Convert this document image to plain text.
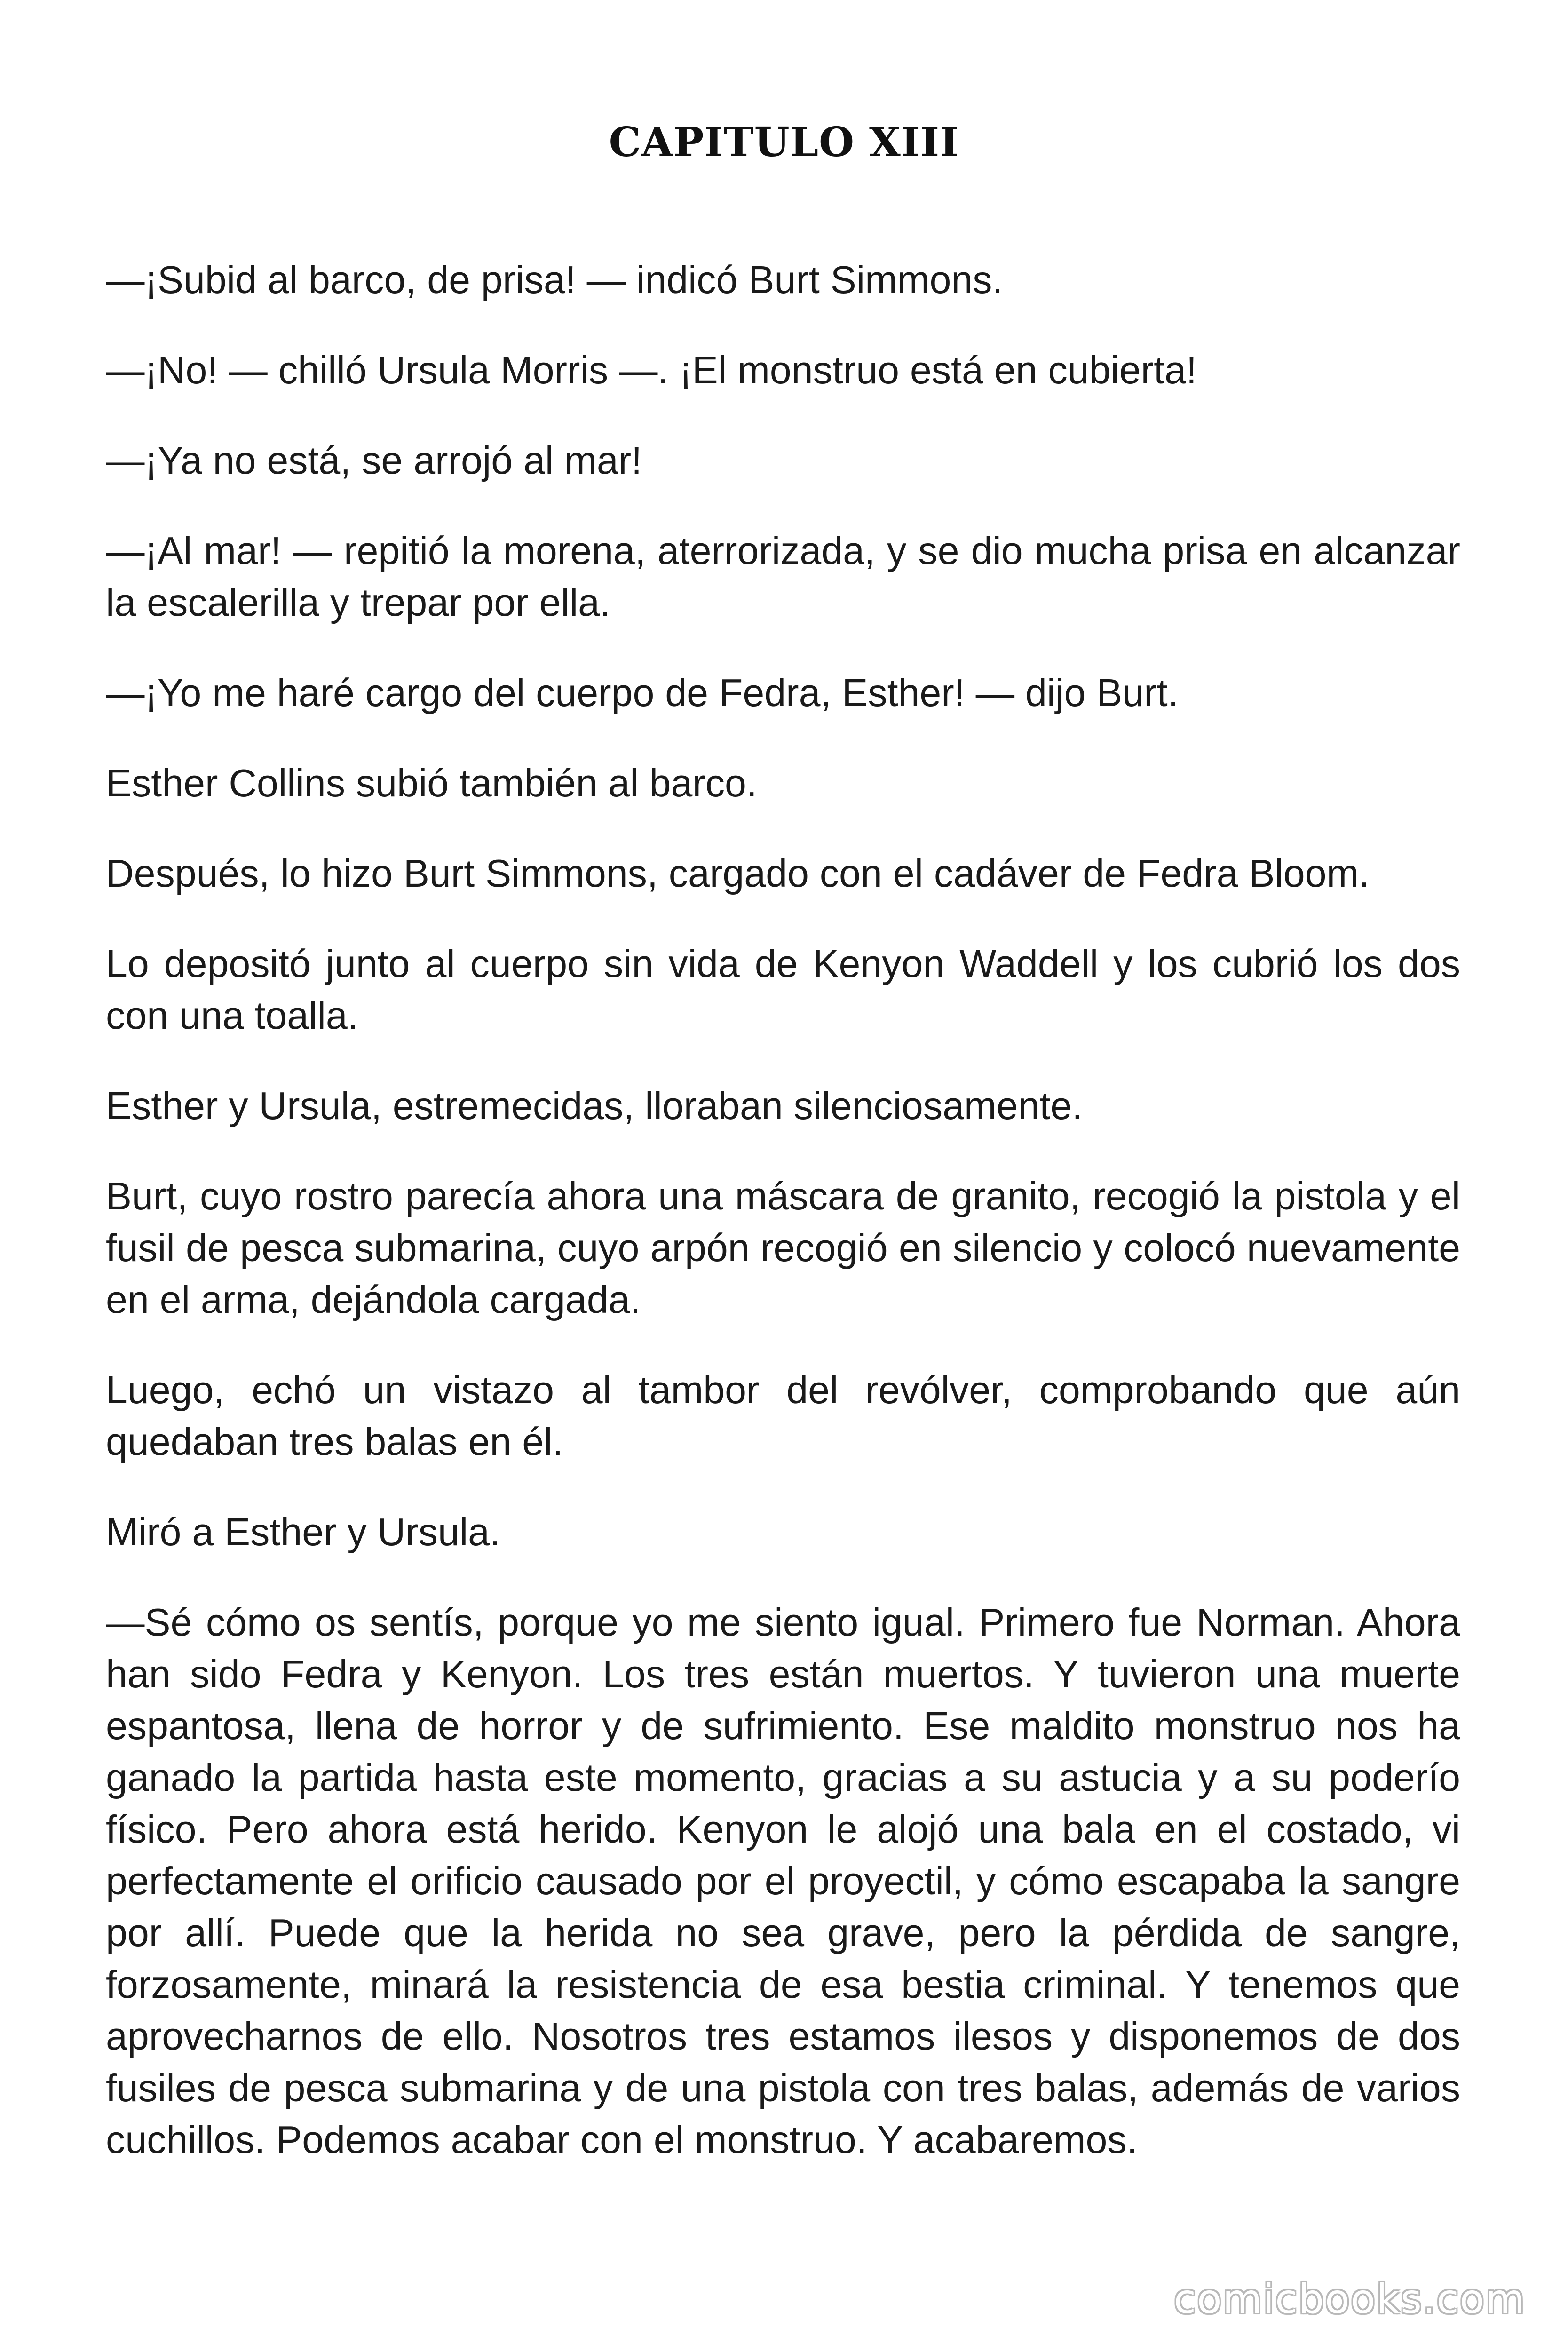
CAPITULO XIII

—¡Subid al barco, de prisa! — indicó Burt Simmons.

—¡No! — chilló Ursula Morris —. ¡El monstruo está en cubierta!

—¡Ya no está, se arrojó al mar!

—¡Al mar! — repitió la morena, aterrorizada, y se dio mucha prisa en alcanzar la escalerilla y trepar por ella.

—¡Yo me haré cargo del cuerpo de Fedra, Esther! — dijo Burt.

Esther Collins subió también al barco.

Después, lo hizo Burt Simmons, cargado con el cadáver de Fedra Bloom.

Lo depositó junto al cuerpo sin vida de Kenyon Waddell y los cubrió los dos con una toalla.

Esther y Ursula, estremecidas, lloraban silenciosamente.

Burt, cuyo rostro parecía ahora una máscara de granito, recogió la pistola y el fusil de pesca submarina, cuyo arpón recogió en silencio y colocó nuevamente en el arma, dejándola cargada.

Luego, echó un vistazo al tambor del revólver, comprobando que aún quedaban tres balas en él.

Miró a Esther y Ursula.

—Sé cómo os sentís, porque yo me siento igual. Primero fue Norman. Ahora han sido Fedra y Kenyon. Los tres están muertos. Y tuvieron una muerte espantosa, llena de horror y de sufrimiento. Ese maldito monstruo nos ha ganado la partida hasta este momento, gracias a su astucia y a su poderío físico. Pero ahora está herido. Kenyon le alojó una bala en el costado, vi perfectamente el orificio causado por el proyectil, y cómo escapaba la sangre por allí. Puede que la herida no sea grave, pero la pérdida de sangre, forzosamente, minará la resistencia de esa bestia criminal. Y tenemos que aprovecharnos de ello. Nosotros tres estamos ilesos y disponemos de dos fusiles de pesca submarina y de una pistola con tres balas, además de varios cuchillos. Podemos acabar con el monstruo. Y acabaremos.

comicbooks.com
